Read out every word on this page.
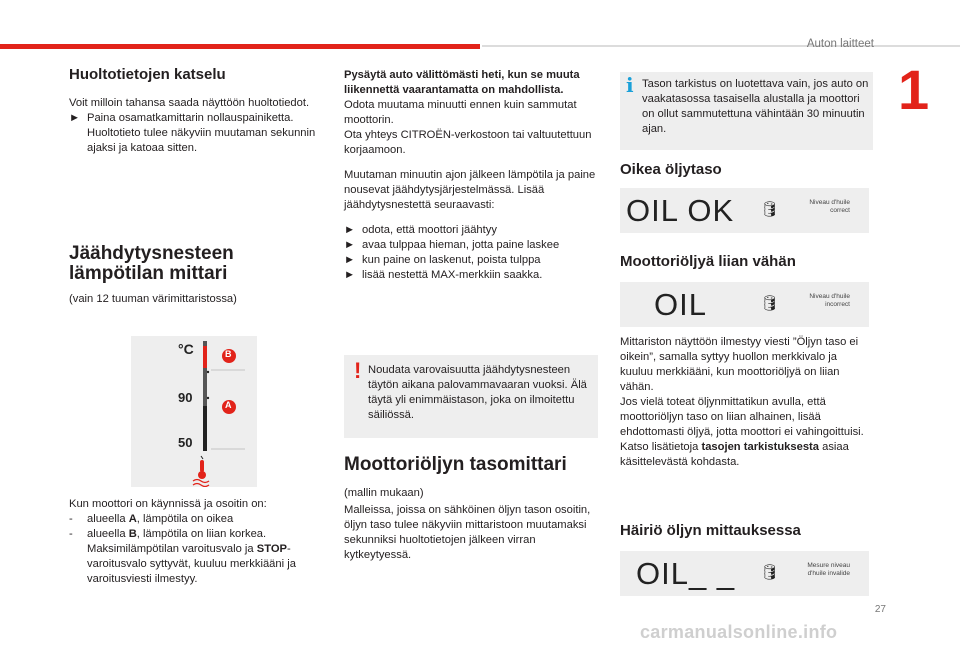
Auton laitteet
1
Huoltotietojen katselu

Voit milloin tahansa saada näyttöön huoltotiedot.

► Paina osamatkamittarin nollauspainiketta. Huoltotieto tulee näkyviin muutaman sekunnin ajaksi ja katoaa sitten.
Jäähdytysnesteen
lämpötilan mittari
(vain 12 tuuman värimittaristossa)
°C
90
50
B
A

Kun moottori on käynnissä ja osoitin on:

- alueella A, lämpötila on oikea
- alueella B, lämpötila on liian korkea. Maksimilämpötilan varoitusvalo ja STOP-varoitusvalo syttyvät, kuuluu merkkiääni ja varoitusviesti ilmestyy.

Pysäytä auto välittömästi heti, kun se muuta liikennettä vaarantamatta on mahdollista.

Odota muutama minuutti ennen kuin sammutat moottorin.

Ota yhteys CITROËN-verkostoon tai valtuutettuun korjaamoon.

Muutaman minuutin ajon jälkeen lämpötila ja paine nousevat jäähdytysjärjestelmässä. Lisää jäähdytysnestettä seuraavasti:

► odota, että moottori jäähtyy
► avaa tulppaa hieman, jotta paine laskee
► kun paine on laskenut, poista tulppa
► lisää nestettä MAX-merkkiin saakka.
! Noudata varovaisuutta jäähdytysnesteen täytön aikana palovammavaaran vuoksi. Älä täytä yli enimmäistason, joka on ilmoitettu säiliössä.

Moottoriöljyn tasomittari

(mallin mukaan)

Malleissa, joissa on sähköinen öljyn tason osoitin, öljyn taso tulee näkyviin mittaristoon muutamaksi sekunniksi huoltotietojen jälkeen virran kytkeytyessä.

i Tason tarkistus on luotettava vain, jos auto on vaakatasossa tasaisella alustalla ja moottori on ollut sammutettuna vähintään 30 minuutin ajan.

Oikea öljytaso
OIL OK 🛢	Niveau d'huile correct
Moottoriöljyä liian vähän
OIL	🛢	Niveau d'huile incorrect

Mittariston näyttöön ilmestyy viesti ”Öljyn taso ei oikein”, samalla syttyy huollon merkkivalo ja kuuluu merkkiääni, kun moottoriöljyä on liian vähän.

Jos vielä toteat öljynmittatikun avulla, että moottoriöljyn taso on liian alhainen, lisää ehdottomasti öljyä, jotta moottori ei vahingoittuisi.

Katso lisätietoja tasojen tarkistuksesta asiaa käsittelevästä kohdasta.

Häiriö öljyn mittauksessa
OIL_ _ 🛢	Mesure niveau d'huile invalide
27
carmanualsonline.info
